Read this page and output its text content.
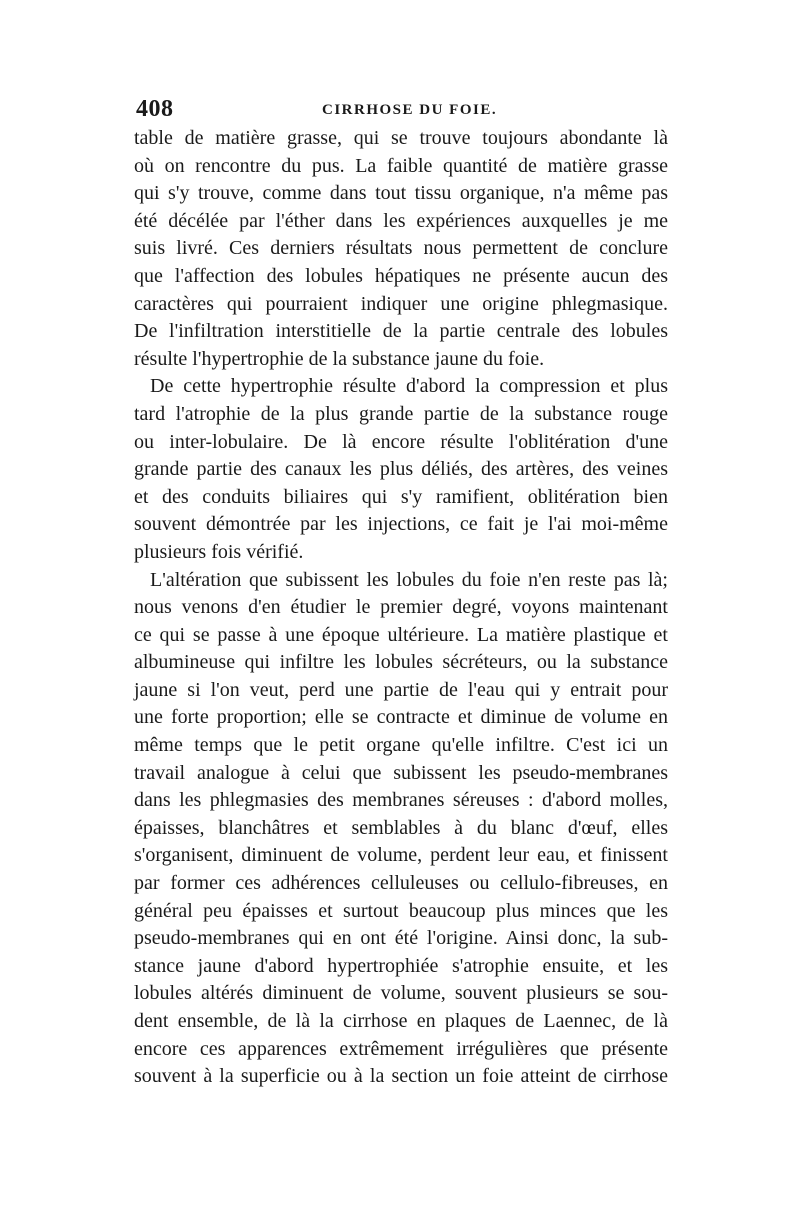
408	CIRRHOSE DU FOIE.
table de matière grasse, qui se trouve toujours abondante là
où on rencontre du pus. La faible quantité de matière grasse
qui s'y trouve, comme dans tout tissu organique, n'a même pas
été décélée par l'éther dans les expériences auxquelles je me
suis livré. Ces derniers résultats nous permettent de conclure
que l'affection des lobules hépatiques ne présente aucun des
caractères qui pourraient indiquer une origine phlegmasique.
De l'infiltration interstitielle de la partie centrale des lobules
résulte l'hypertrophie de la substance jaune du foie.
De cette hypertrophie résulte d'abord la compression et plus
tard l'atrophie de la plus grande partie de la substance rouge
ou inter-lobulaire. De là encore résulte l'oblitération d'une
grande partie des canaux les plus déliés, des artères, des veines
et des conduits biliaires qui s'y ramifient, oblitération bien
souvent démontrée par les injections, ce fait je l'ai moi-même
plusieurs fois vérifié.
L'altération que subissent les lobules du foie n'en reste pas là;
nous venons d'en étudier le premier degré, voyons maintenant
ce qui se passe à une époque ultérieure. La matière plastique et
albumineuse qui infiltre les lobules sécréteurs, ou la substance
jaune si l'on veut, perd une partie de l'eau qui y entrait pour
une forte proportion; elle se contracte et diminue de volume en
même temps que le petit organe qu'elle infiltre. C'est ici un
travail analogue à celui que subissent les pseudo-membranes
dans les phlegmasies des membranes séreuses : d'abord molles,
épaisses, blanchâtres et semblables à du blanc d'œuf, elles
s'organisent, diminuent de volume, perdent leur eau, et finissent
par former ces adhérences celluleuses ou cellulo-fibreuses, en
général peu épaisses et surtout beaucoup plus minces que les
pseudo-membranes qui en ont été l'origine. Ainsi donc, la sub-
stance jaune d'abord hypertrophiée s'atrophie ensuite, et les
lobules altérés diminuent de volume, souvent plusieurs se sou-
dent ensemble, de là la cirrhose en plaques de Laennec, de là
encore ces apparences extrêmement irrégulières que présente
souvent à la superficie ou à la section un foie atteint de cirrhose
